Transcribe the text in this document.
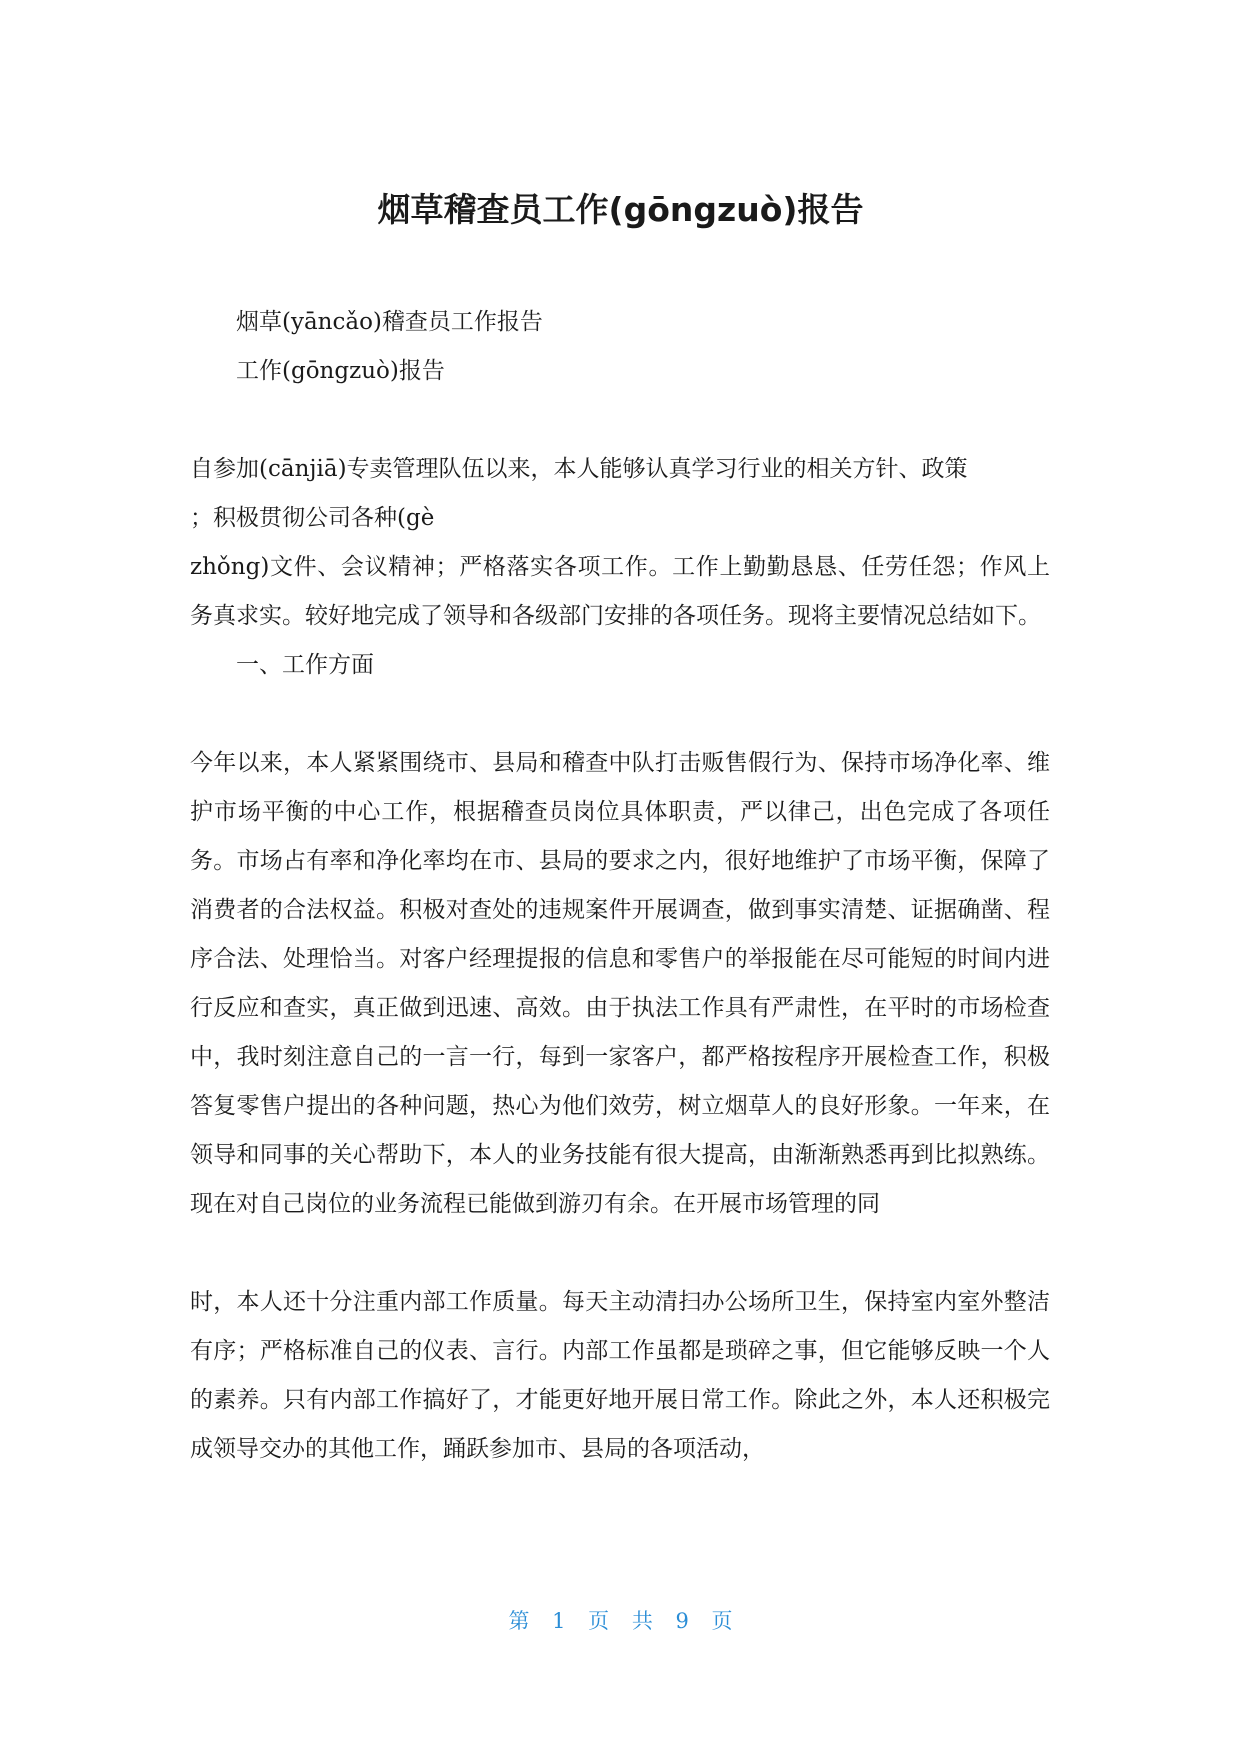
烟草稽查员工作(gōngzuò)报告

烟草(yāncǎo)稽查员工作报告

工作(gōngzuò)报告

自参加(cānjiā)专卖管理队伍以来，本人能够认真学习行业的相关方针、政策

；积极贯彻公司各种(gè

zhǒng)文件、会议精神；严格落实各项工作。工作上勤勤恳恳、任劳任怨；作风上务真求实。较好地完成了领导和各级部门安排的各项任务。现将主要情况总结如下。

一、工作方面

今年以来，本人紧紧围绕市、县局和稽查中队打击贩售假行为、保持市场净化率、维护市场平衡的中心工作，根据稽查员岗位具体职责，严以律己，出色完成了各项任务。市场占有率和净化率均在市、县局的要求之内，很好地维护了市场平衡，保障了消费者的合法权益。积极对查处的违规案件开展调查，做到事实清楚、证据确凿、程序合法、处理恰当。对客户经理提报的信息和零售户的举报能在尽可能短的时间内进行反应和查实，真正做到迅速、高效。由于执法工作具有严肃性，在平时的市场检查中，我时刻注意自己的一言一行，每到一家客户，都严格按程序开展检查工作，积极答复零售户提出的各种问题，热心为他们效劳，树立烟草人的良好形象。一年来，在领导和同事的关心帮助下，本人的业务技能有很大提高，由渐渐熟悉再到比拟熟练。现在对自己岗位的业务流程已能做到游刃有余。在开展市场管理的同

时，本人还十分注重内部工作质量。每天主动清扫办公场所卫生，保持室内室外整洁有序；严格标准自己的仪表、言行。内部工作虽都是琐碎之事，但它能够反映一个人的素养。只有内部工作搞好了，才能更好地开展日常工作。除此之外，本人还积极完成领导交办的其他工作，踊跃参加市、县局的各项活动，

第 1 页 共 9 页
